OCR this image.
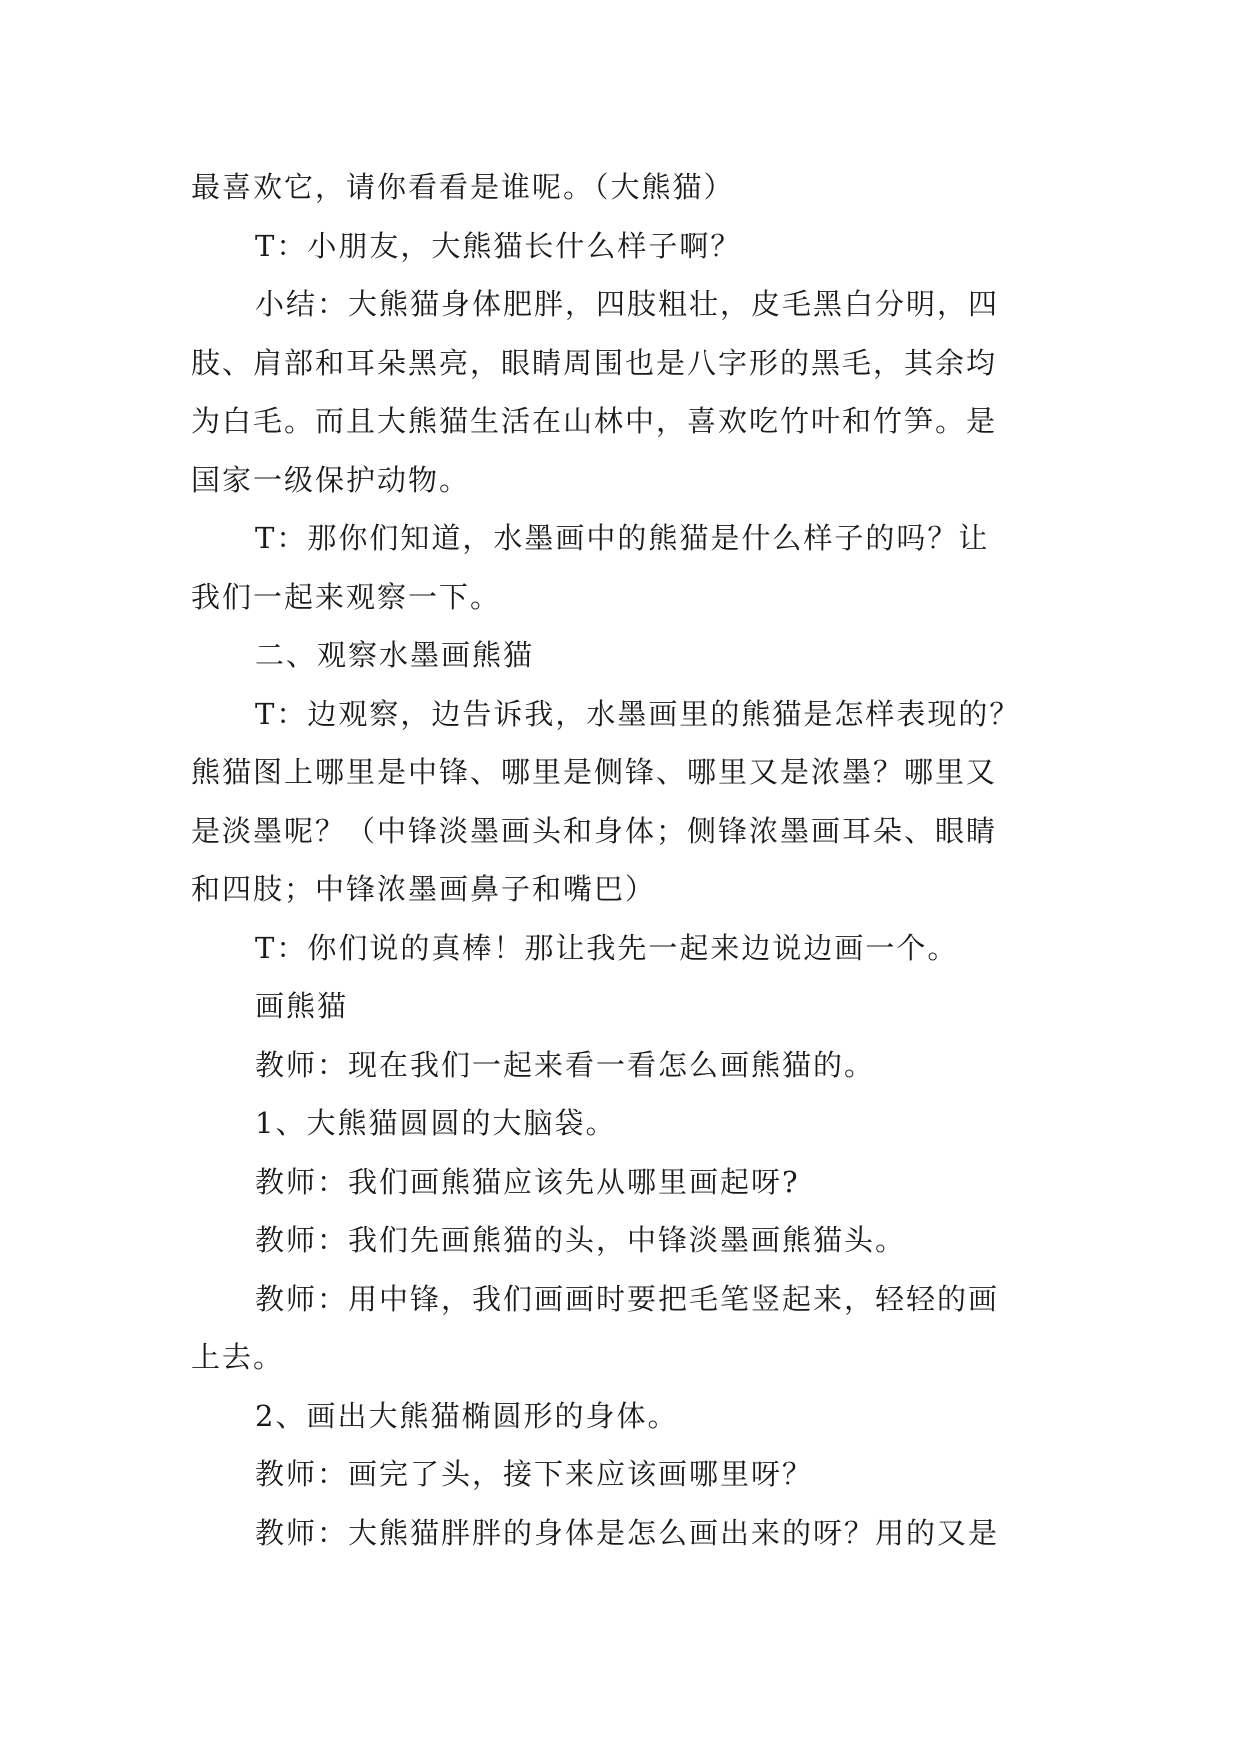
最喜欢它，请你看看是谁呢。（大熊猫）
T：小朋友，大熊猫长什么样子啊？
小结：大熊猫身体肥胖，四肢粗壮，皮毛黑白分明，四
肢、肩部和耳朵黑亮，眼睛周围也是八字形的黑毛，其余均
为白毛。而且大熊猫生活在山林中，喜欢吃竹叶和竹笋。是
国家一级保护动物。
T：那你们知道，水墨画中的熊猫是什么样子的吗？让
我们一起来观察一下。
二、观察水墨画熊猫
T：边观察，边告诉我，水墨画里的熊猫是怎样表现的？
熊猫图上哪里是中锋、哪里是侧锋、哪里又是浓墨？哪里又
是淡墨呢？（中锋淡墨画头和身体；侧锋浓墨画耳朵、眼睛
和四肢；中锋浓墨画鼻子和嘴巴）
T：你们说的真棒！那让我先一起来边说边画一个。
画熊猫
教师：现在我们一起来看一看怎么画熊猫的。
1、大熊猫圆圆的大脑袋。
教师：我们画熊猫应该先从哪里画起呀?
教师：我们先画熊猫的头，中锋淡墨画熊猫头。
教师：用中锋，我们画画时要把毛笔竖起来，轻轻的画
上去。
2、画出大熊猫椭圆形的身体。
教师：画完了头，接下来应该画哪里呀？
教师：大熊猫胖胖的身体是怎么画出来的呀？用的又是
